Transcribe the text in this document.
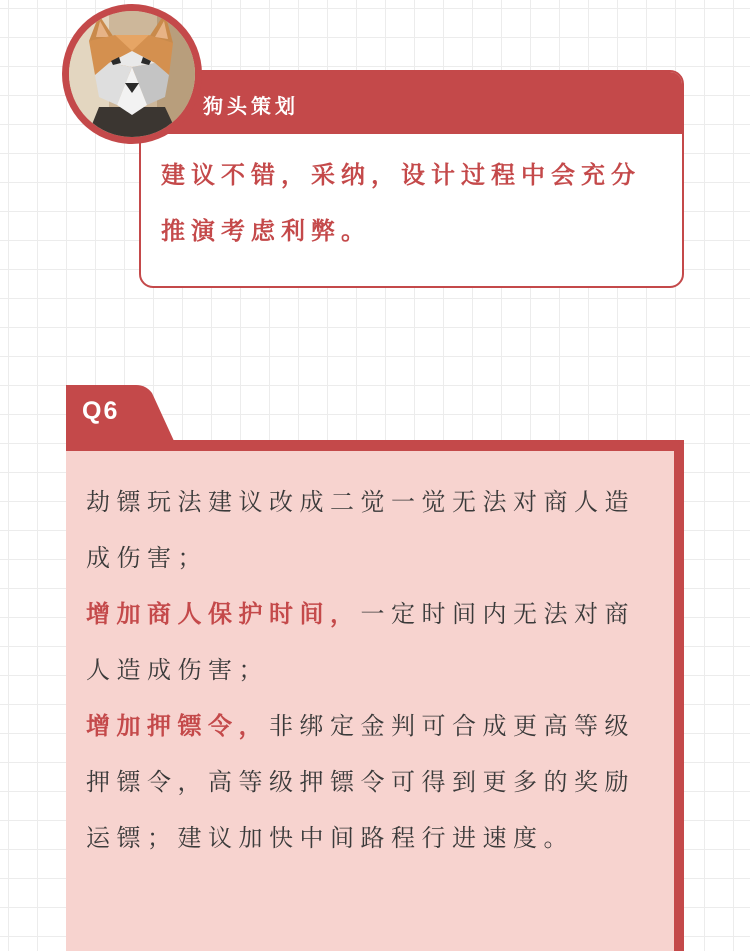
狗头策划
建议不错，采纳，设计过程中会充分推演考虑利弊。
Q6
劫镖玩法建议改成二觉一觉无法对商人造成伤害；
增加商人保护时间，一定时间内无法对商人造成伤害；
增加押镖令，非绑定金判可合成更高等级押镖令，高等级押镖令可得到更多的奖励运镖；建议加快中间路程行进速度。
